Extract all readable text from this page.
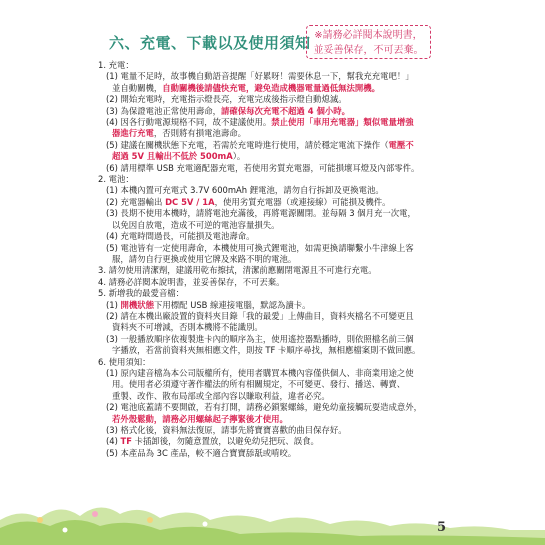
六、充電、下載以及使用須知 ※請務必詳閱本說明書，
並妥善保存，不可丟棄。
1. 充電：
(1) 電量不足時，故事機自動語音提醒「好累呀！需要休息一下，幫我充充電吧！」
並自動關機，自動關機後請儘快充電，避免造成機器電量過低無法開機。
(2) 開始充電時，充電指示燈長亮，充電完成後指示燈自動熄滅。
(3) 為保證電池正常使用壽命，請確保每次充電不超過 4 個小時。
(4) 因各行動電源規格不同，故不建議使用。禁止使用「車用充電器」類似電量增強
器進行充電，否則將有損電池壽命。
(5) 建議在關機狀態下充電，若需於充電時進行使用，請於穩定電流下操作（電壓不
超過 5V 且輸出不低於 500mA）。
(6) 請用標準 USB 充電適配器充電，若使用劣質充電器，可能損壞耳燈及內部零件。
2. 電池：
(1) 本機內置可充電式 3.7V 600mAh 鋰電池，請勿自行拆卸及更換電池。
(2) 充電器輸出 DC 5V / 1A，使用劣質充電器（或連接線）可能損及機件。
(3) 長期不使用本機時，請將電池充滿後，再將電源關閉。並每隔 3 個月充一次電，
以免因自放電，造成不可逆的電池容量損失。
(4) 充電時間過長，可能損及電池壽命。
(5) 電池皆有一定使用壽命，本機使用可換式鋰電池，如需更換請聯繫小牛津線上客
服，請勿自行更換或使用它牌及來路不明的電池。
3. 請勿使用清潔劑，建議用乾布擦拭，清潔前應關閉電源且不可進行充電。
4. 請務必詳閱本說明書，並妥善保存，不可丟棄。
5. 新增我的最愛音檔：
(1) 開機狀態下用標配 USB 線連接電腦，默認為讀卡。
(2) 請在本機出廠設置的資料夾目錄「我的最愛」上傳曲目，資料夾檔名不可變更且
資料夾不可增減，否則本機將不能識別。
(3) 一般播放順序依複製進卡內的順序為主，使用遙控器點播時，則依照檔名前三個
字播放，若當前資料夾無相應文件，則按 TF 卡順序尋找，無相應檔案則不做回應。
6. 使用須知：
(1) 原內建音檔為本公司版權所有，使用者購買本機內容僅供個人、非商業用途之使
用。使用者必須遵守著作權法的所有相關規定，不可變更、發行、播送、轉賣、
重製、改作、散布局部或全部內容以賺取利益，違者必究。
(2) 電池底蓋請不要開啟，若有打開，請務必鎖緊螺絲，避免幼童接觸玩耍造成意外，
若外殼鬆動，請務必用螺絲起子擰緊後才使用。
(3) 格式化後，資料無法復原，請事先將寶寶喜歡的曲目保存好。
(4) TF 卡插卸後，勿隨意置放，以避免幼兒把玩、誤食。
(5) 本產品為 3C 產品，較不適合寶寶舔舐或啃咬。
5
